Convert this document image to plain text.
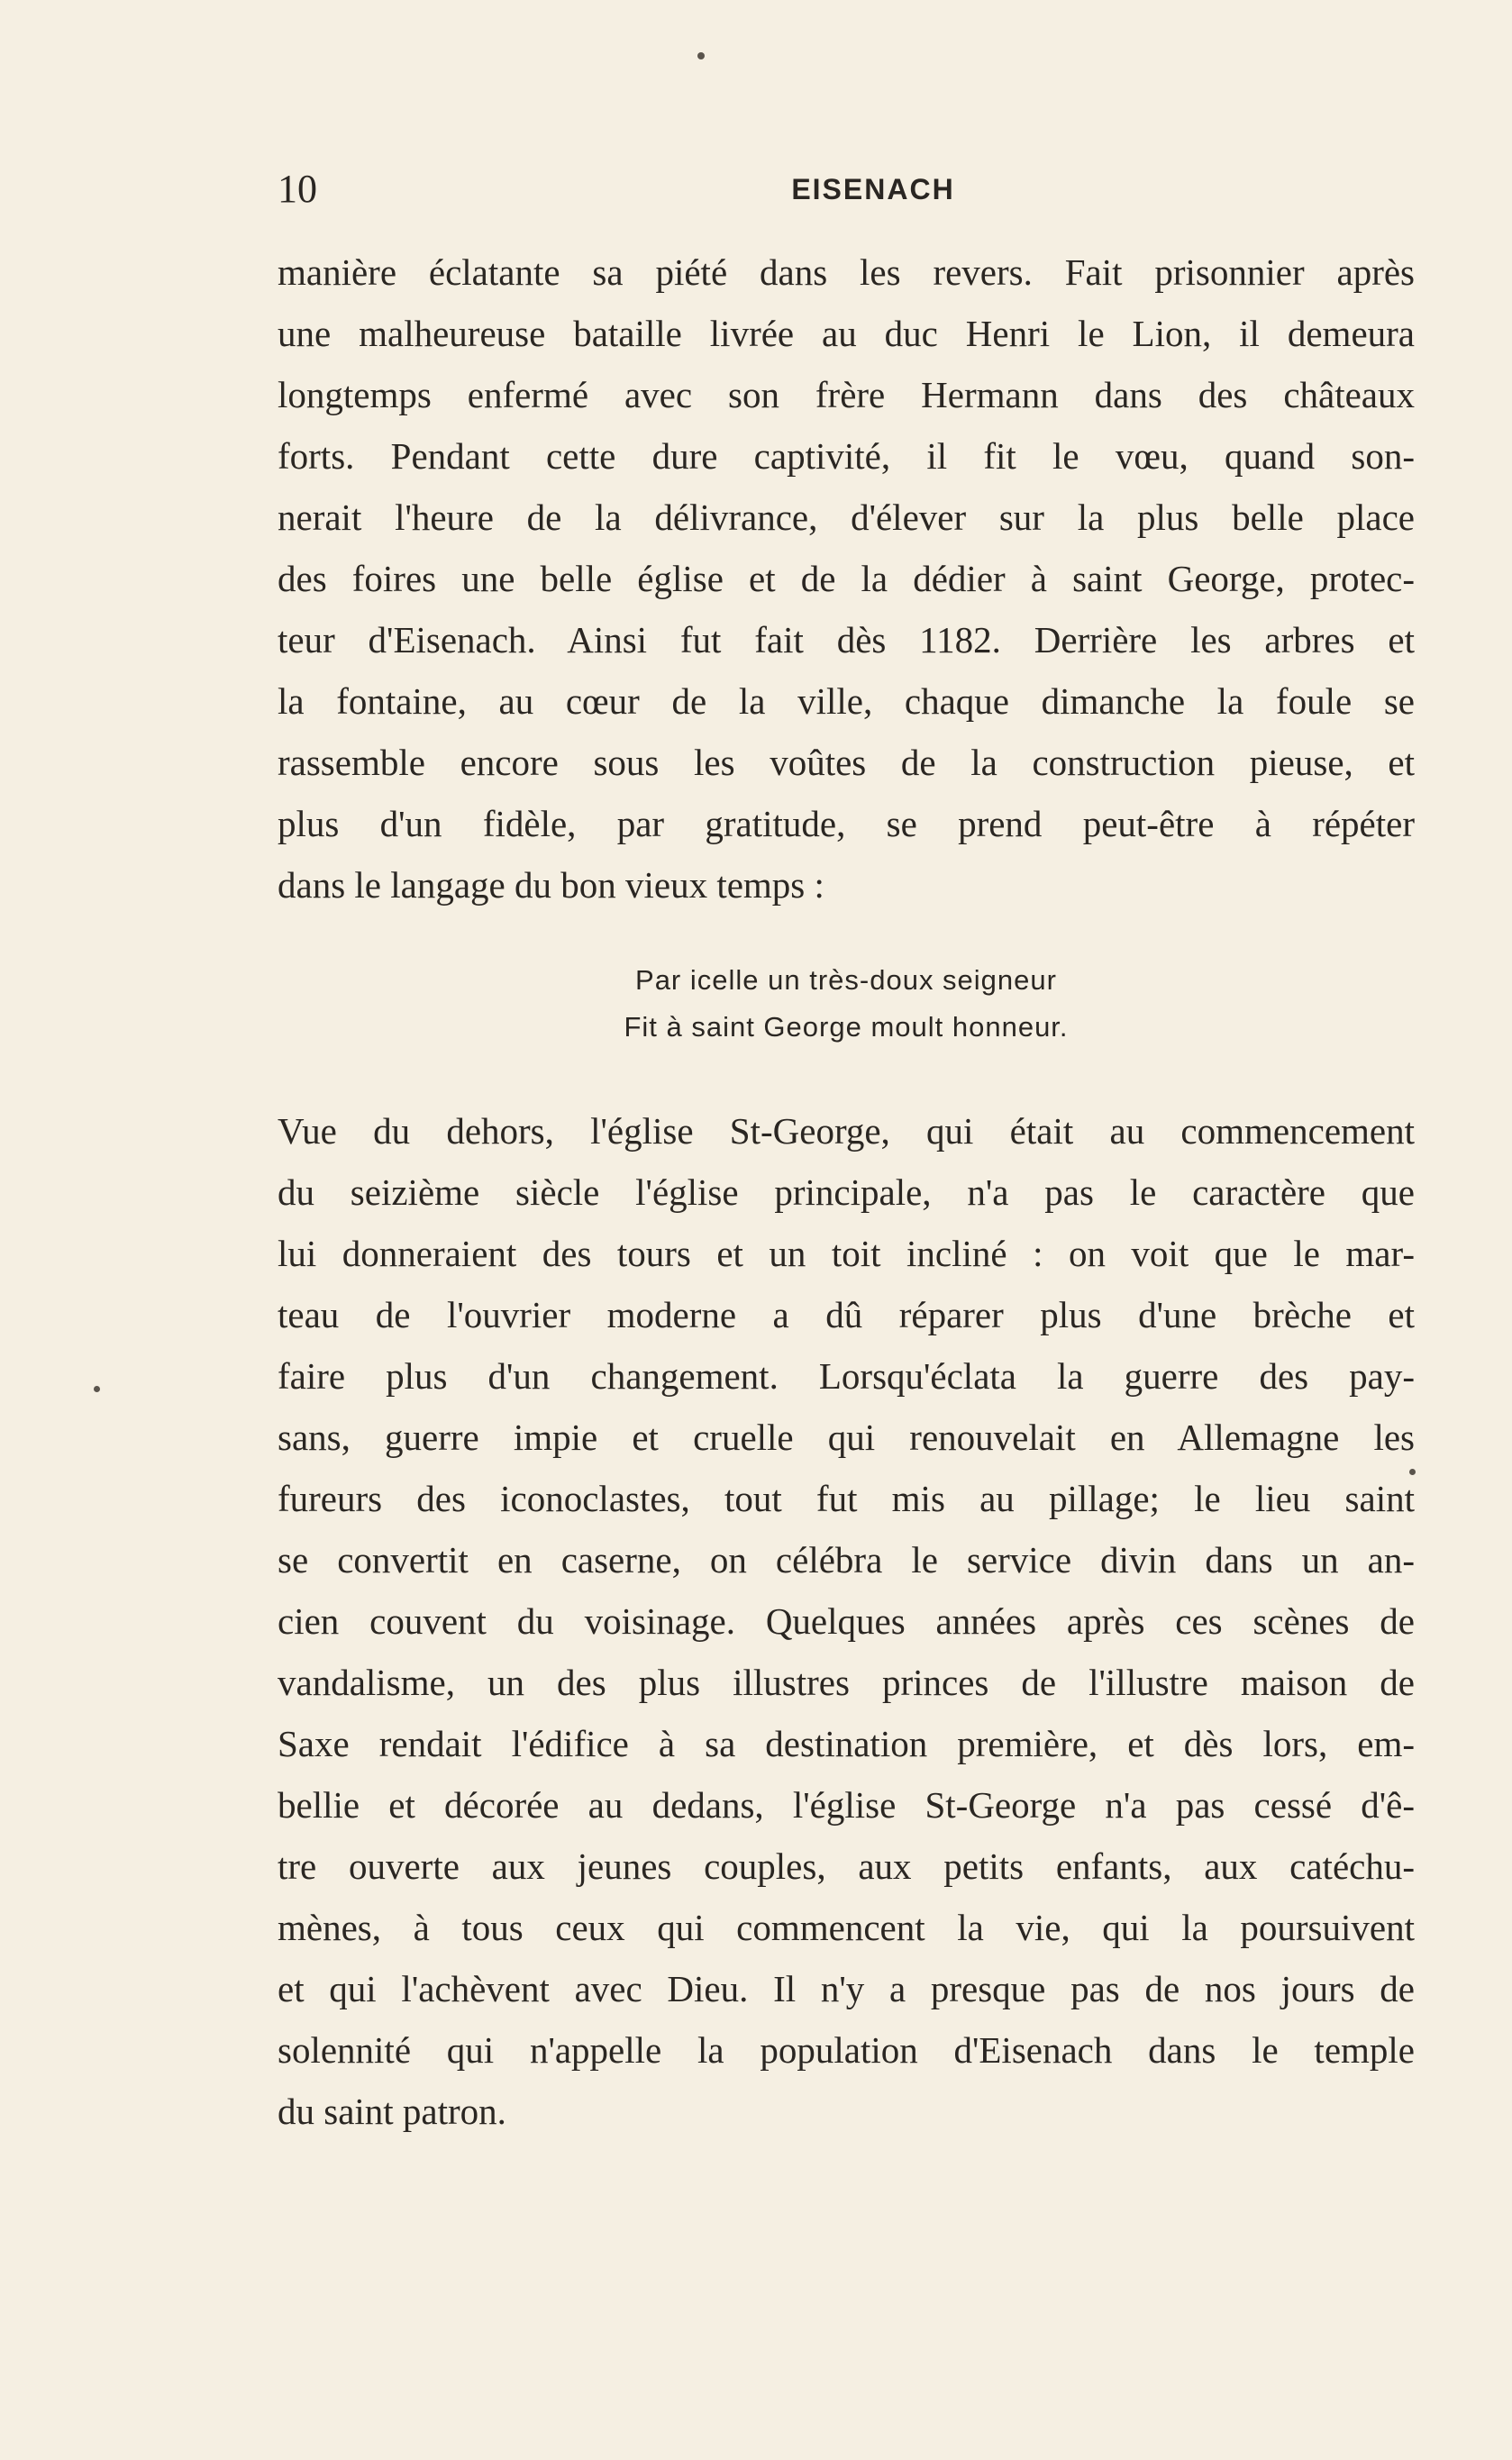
10	EISENACH
manière éclatante sa piété dans les revers. Fait prisonnier après
une malheureuse bataille livrée au duc Henri le Lion, il demeura
longtemps enfermé avec son frère Hermann dans des châteaux
forts. Pendant cette dure captivité, il fit le vœu, quand son-
nerait l'heure de la délivrance, d'élever sur la plus belle place
des foires une belle église et de la dédier à saint George, protec-
teur d'Eisenach. Ainsi fut fait dès 1182. Derrière les arbres et
la fontaine, au cœur de la ville, chaque dimanche la foule se
rassemble encore sous les voûtes de la construction pieuse, et
plus d'un fidèle, par gratitude, se prend peut-être à répéter
dans le langage du bon vieux temps :
Par icelle un très-doux seigneur
Fit à saint George moult honneur.
Vue du dehors, l'église St-George, qui était au commencement
du seizième siècle l'église principale, n'a pas le caractère que
lui donneraient des tours et un toit incliné : on voit que le mar-
teau de l'ouvrier moderne a dû réparer plus d'une brèche et
faire plus d'un changement. Lorsqu'éclata la guerre des pay-
sans, guerre impie et cruelle qui renouvelait en Allemagne les
fureurs des iconoclastes, tout fut mis au pillage; le lieu saint
se convertit en caserne, on célébra le service divin dans un an-
cien couvent du voisinage. Quelques années après ces scènes de
vandalisme, un des plus illustres princes de l'illustre maison de
Saxe rendait l'édifice à sa destination première, et dès lors, em-
bellie et décorée au dedans, l'église St-George n'a pas cessé d'ê-
tre ouverte aux jeunes couples, aux petits enfants, aux catéchu-
mènes, à tous ceux qui commencent la vie, qui la poursuivent
et qui l'achèvent avec Dieu. Il n'y a presque pas de nos jours de
solennité qui n'appelle la population d'Eisenach dans le temple
du saint patron.
